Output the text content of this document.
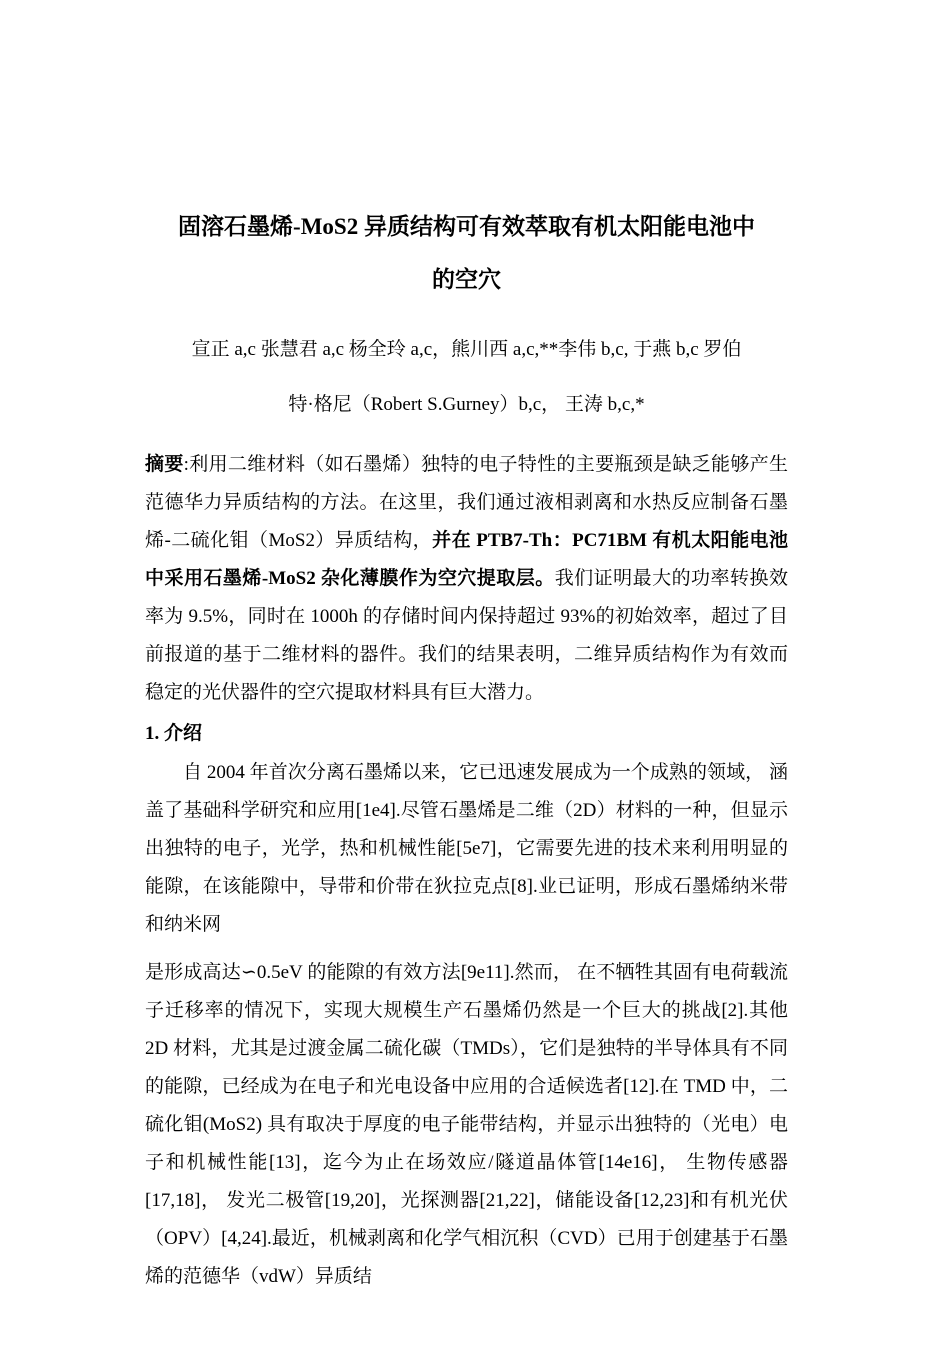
固溶石墨烯-MoS2 异质结构可有效萃取有机太阳能电池中
的空穴
宣正 a,c 张慧君 a,c 杨全玲 a,c，熊川西 a,c,**李伟 b,c, 于燕 b,c 罗伯
特·格尼（Robert S.Gurney）b,c， 王涛 b,c,*

摘要:利用二维材料（如石墨烯）独特的电子特性的主要瓶颈是缺乏能够产生范德华力异质结构的方法。在这里，我们通过液相剥离和水热反应制备石墨烯-二硫化钼（MoS2）异质结构，并在 PTB7-Th：PC71BM 有机太阳能电池中采用石墨烯-MoS2 杂化薄膜作为空穴提取层。我们证明最大的功率转换效率为 9.5%，同时在 1000h 的存储时间内保持超过 93%的初始效率，超过了目前报道的基于二维材料的器件。我们的结果表明，二维异质结构作为有效而稳定的光伏器件的空穴提取材料具有巨大潜力。

1. 介绍

自 2004 年首次分离石墨烯以来，它已迅速发展成为一个成熟的领域， 涵盖了基础科学研究和应用[1e4].尽管石墨烯是二维（2D）材料的一种，但显示出独特的电子，光学，热和机械性能[5e7]，它需要先进的技术来利用明显的能隙，在该能隙中，导带和价带在狄拉克点[8].业已证明，形成石墨烯纳米带和纳米网

是形成高达∽0.5eV 的能隙的有效方法[9e11].然而， 在不牺牲其固有电荷载流子迁移率的情况下，实现大规模生产石墨烯仍然是一个巨大的挑战[2].其他 2D 材料，尤其是过渡金属二硫化碳（TMDs），它们是独特的半导体具有不同的能隙，已经成为在电子和光电设备中应用的合适候选者[12].在 TMD 中，二硫化钼(MoS2) 具有取决于厚度的电子能带结构，并显示出独特的（光电）电子和机械性能[13]，迄今为止在场效应/隧道晶体管[14e16]， 生物传感器[17,18]， 发光二极管[19,20]，光探测器[21,22]，储能设备[12,23]和有机光伏（OPV）[4,24].最近，机械剥离和化学气相沉积（CVD）已用于创建基于石墨烯的范德华（vdW）异质结
